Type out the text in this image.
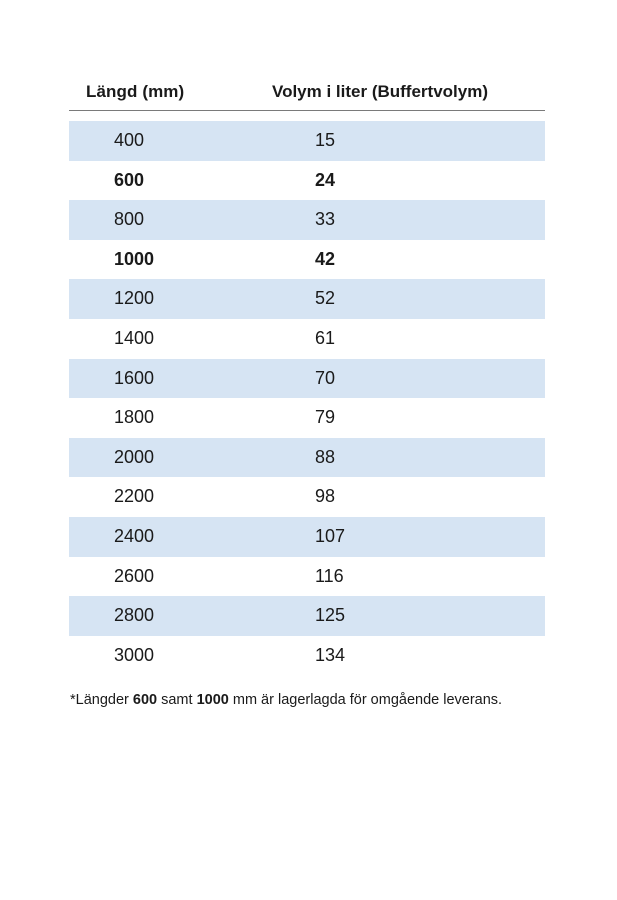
Längd (mm)	Volym i liter (Buffertvolym)
400	15
600	24
800	33
1000	42
1200	52
1400	61
1600	70
1800	79
2000	88
2200	98
2400	107
2600	116
2800	125
3000	134
*Längder 600 samt 1000 mm är lagerlagda för omgående leverans.
